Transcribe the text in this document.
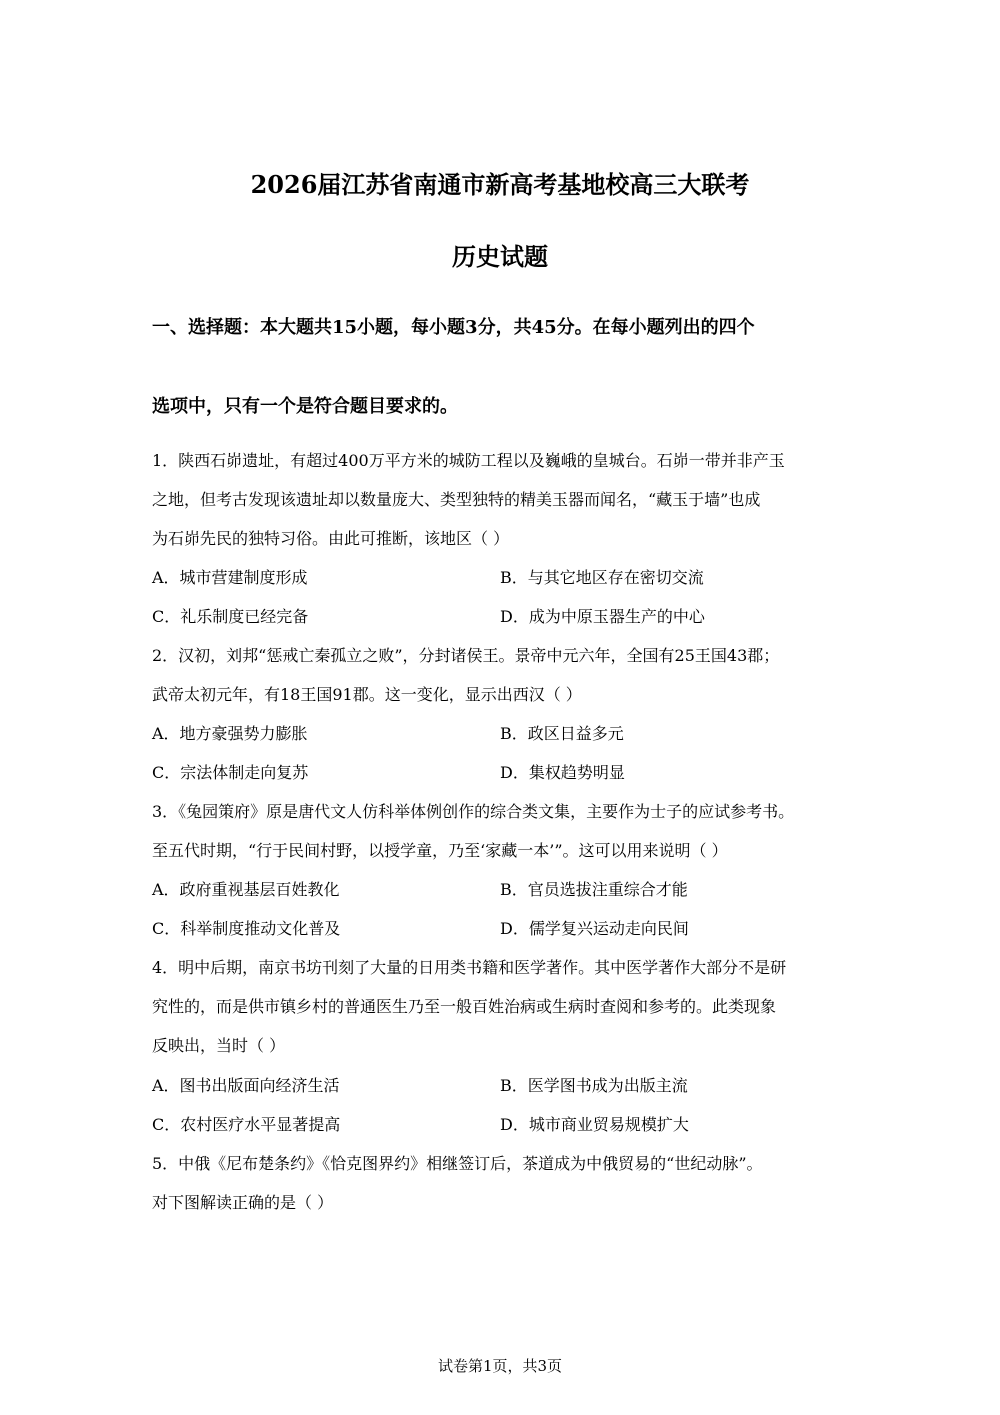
2026届江苏省南通市新高考基地校高三大联考
历史试题
一、选择题：本大题共15小题，每小题3分，共45分。在每小题列出的四个
选项中，只有一个是符合题目要求的。
1．陕西石峁遗址，有超过400万平方米的城防工程以及巍峨的皇城台。石峁一带并非产玉
之地，但考古发现该遗址却以数量庞大、类型独特的精美玉器而闻名，“藏玉于墙”也成
为石峁先民的独特习俗。由此可推断，该地区（ ）
A．城市营建制度形成	B．与其它地区存在密切交流
C．礼乐制度已经完备	D．成为中原玉器生产的中心
2．汉初，刘邦“惩戒亡秦孤立之败”，分封诸侯王。景帝中元六年，全国有25王国43郡；
武帝太初元年，有18王国91郡。这一变化，显示出西汉（ ）
A．地方豪强势力膨胀	B．政区日益多元
C．宗法体制走向复苏	D．集权趋势明显
3．《兔园策府》原是唐代文人仿科举体例创作的综合类文集，主要作为士子的应试参考书。
至五代时期，“行于民间村野，以授学童，乃至‘家藏一本’”。这可以用来说明（ ）
A．政府重视基层百姓教化	B．官员选拔注重综合才能
C．科举制度推动文化普及	D．儒学复兴运动走向民间
4．明中后期，南京书坊刊刻了大量的日用类书籍和医学著作。其中医学著作大部分不是研
究性的，而是供市镇乡村的普通医生乃至一般百姓治病或生病时查阅和参考的。此类现象
反映出，当时（ ）
A．图书出版面向经济生活	B．医学图书成为出版主流
C．农村医疗水平显著提高	D．城市商业贸易规模扩大
5．中俄《尼布楚条约》《恰克图界约》相继签订后，茶道成为中俄贸易的“世纪动脉”。
对下图解读正确的是（ ）
试卷第1页，共3页
